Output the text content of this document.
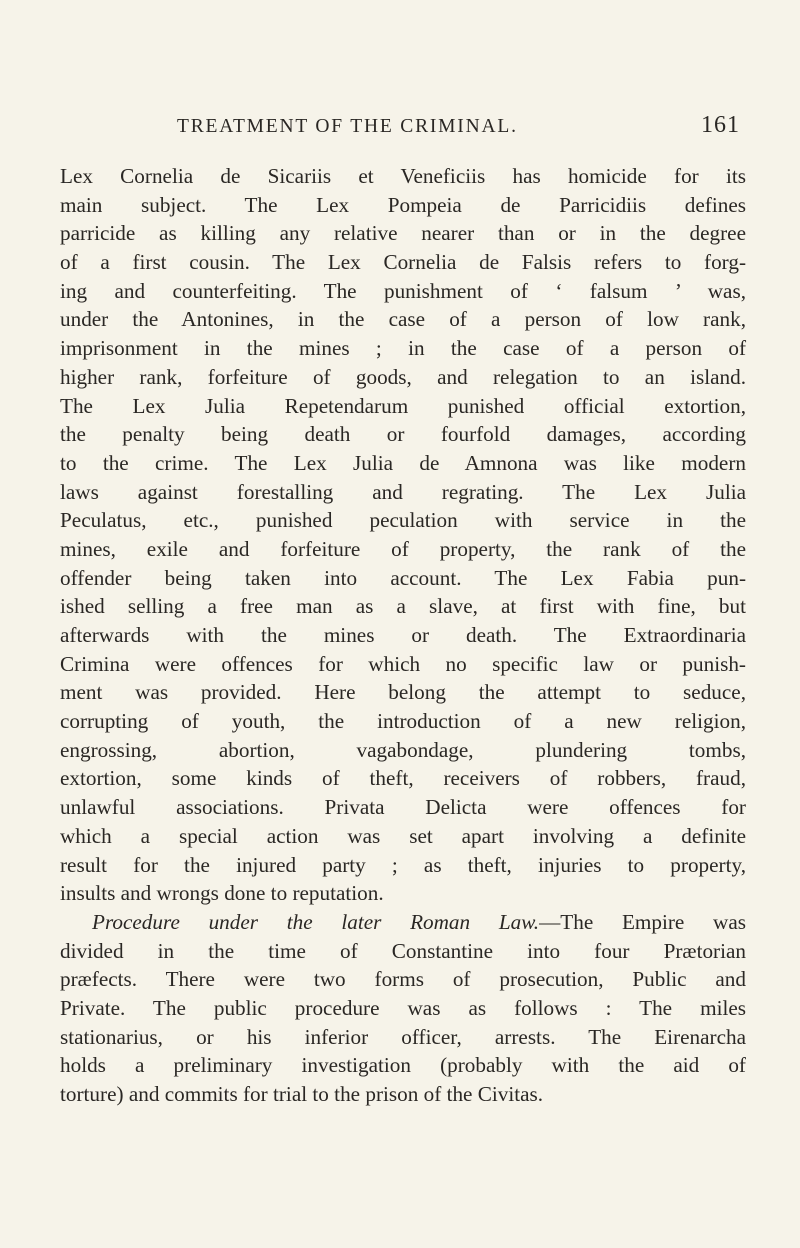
TREATMENT OF THE CRIMINAL.	161
Lex Cornelia de Sicariis et Veneficiis has homicide for its
main subject. The Lex Pompeia de Parricidiis defines
parricide as killing any relative nearer than or in the degree
of a first cousin. The Lex Cornelia de Falsis refers to forg-
ing and counterfeiting. The punishment of ‘ falsum ’ was,
under the Antonines, in the case of a person of low rank,
imprisonment in the mines ; in the case of a person of
higher rank, forfeiture of goods, and relegation to an island.
The Lex Julia Repetendarum punished official extortion,
the penalty being death or fourfold damages, according
to the crime. The Lex Julia de Amnona was like modern
laws against forestalling and regrating. The Lex Julia
Peculatus, etc., punished peculation with service in the
mines, exile and forfeiture of property, the rank of the
offender being taken into account. The Lex Fabia pun-
ished selling a free man as a slave, at first with fine, but
afterwards with the mines or death. The Extraordinaria
Crimina were offences for which no specific law or punish-
ment was provided. Here belong the attempt to seduce,
corrupting of youth, the introduction of a new religion,
engrossing, abortion, vagabondage, plundering tombs,
extortion, some kinds of theft, receivers of robbers, fraud,
unlawful associations. Privata Delicta were offences for
which a special action was set apart involving a definite
result for the injured party ; as theft, injuries to property,
insults and wrongs done to reputation.
Procedure under the later Roman Law.—The Empire was
divided in the time of Constantine into four Prætorian
præfects. There were two forms of prosecution, Public and
Private. The public procedure was as follows : The miles
stationarius, or his inferior officer, arrests. The Eirenarcha
holds a preliminary investigation (probably with the aid of
torture) and commits for trial to the prison of the Civitas.
